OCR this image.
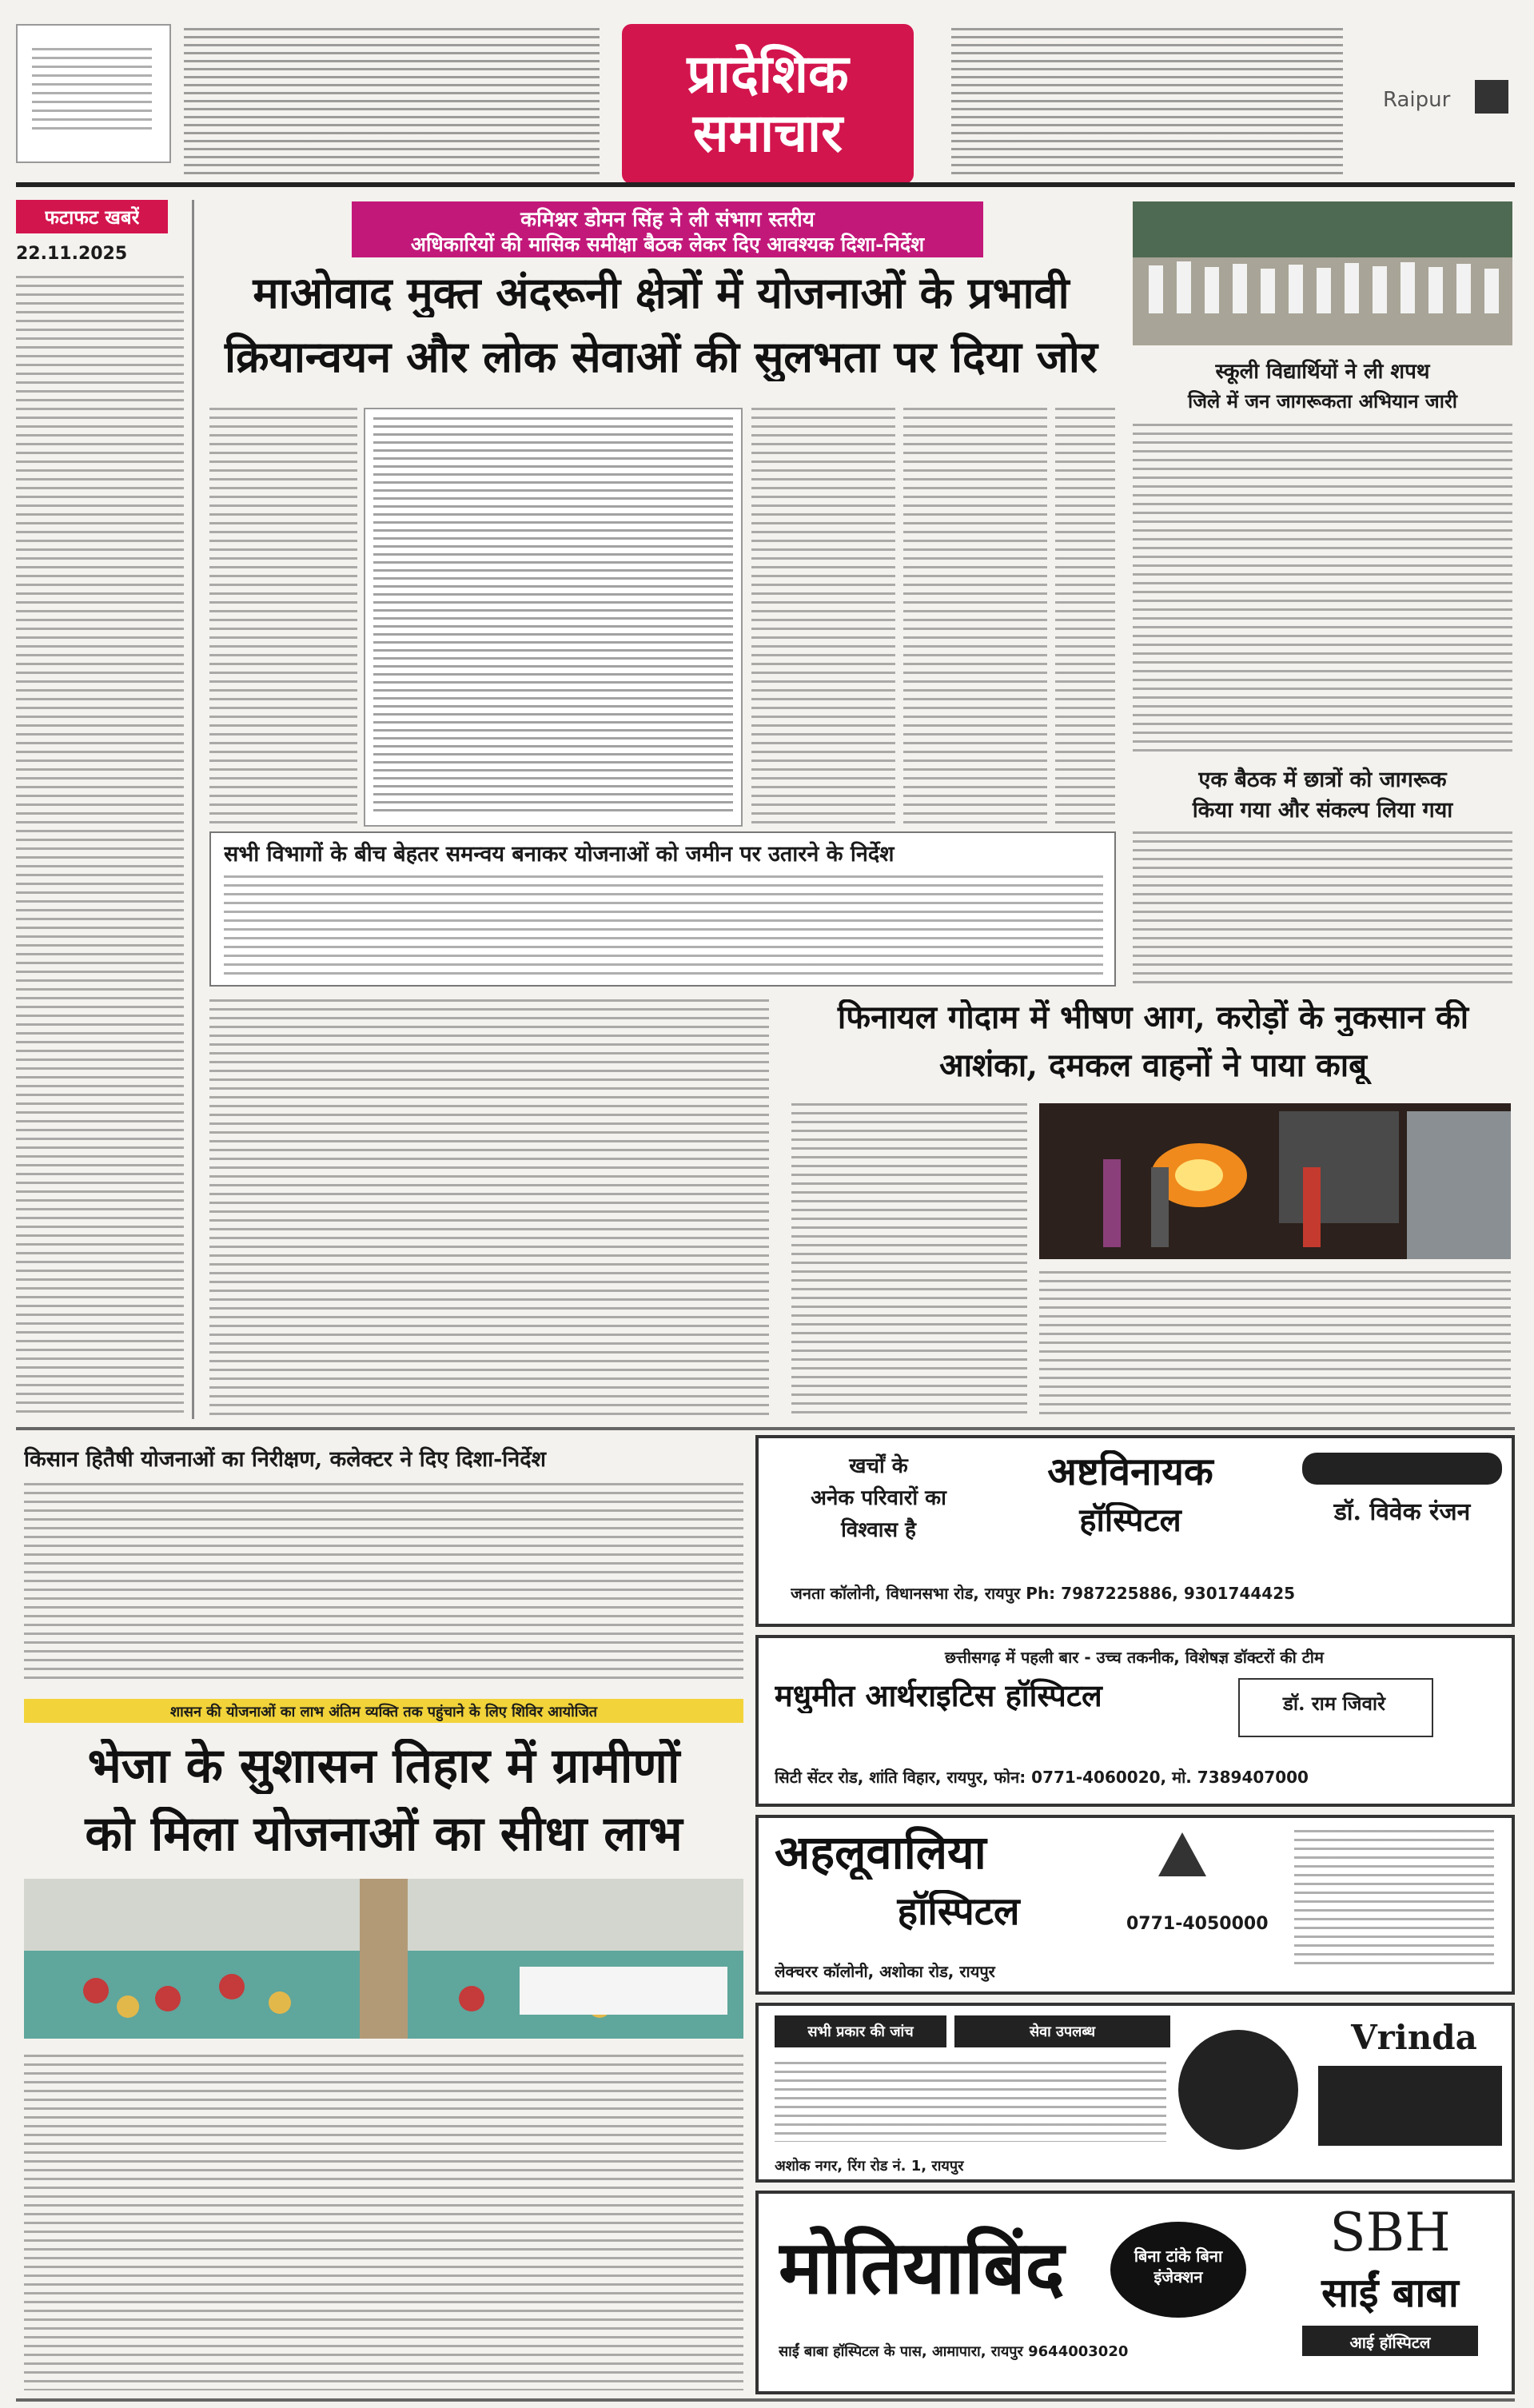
प्रादेशिक समाचार
Raipur
फटाफट खबरें
22.11.2025
कमिश्नर डोमन सिंह ने ली संभाग स्तरीय
अधिकारियों की मासिक समीक्षा बैठक लेकर दिए आवश्यक दिशा-निर्देश
माओवाद मुक्त अंदरूनी क्षेत्रों में योजनाओं के प्रभावी
क्रियान्वयन और लोक सेवाओं की सुलभता पर दिया जोर
सभी विभागों के बीच बेहतर समन्वय बनाकर योजनाओं को जमीन पर उतारने के निर्देश
स्कूली विद्यार्थियों ने ली शपथ
जिले में जन जागरूकता अभियान जारी
एक बैठक में छात्रों को जागरूक
किया गया और संकल्प लिया गया
फिनायल गोदाम में भीषण आग, करोड़ों के नुकसान की
आशंका, दमकल वाहनों ने पाया काबू
किसान हितैषी योजनाओं का निरीक्षण, कलेक्टर ने दिए दिशा-निर्देश
शासन की योजनाओं का लाभ अंतिम व्यक्ति तक पहुंचाने के लिए शिविर आयोजित
भेजा के सुशासन तिहार में ग्रामीणों
को मिला योजनाओं का सीधा लाभ
खर्चों के
अनेक परिवारों का
विश्वास है
अष्टविनायक
हॉस्पिटल	डॉ. विवेक रंजन
जनता कॉलोनी, विधानसभा रोड, रायपुर Ph: 7987225886, 9301744425
छत्तीसगढ़ में पहली बार - उच्च तकनीक, विशेषज्ञ डॉक्टरों की टीम
मधुमीत आर्थराइटिस हॉस्पिटल	डॉ. राम जिवारे
सिटी सेंटर रोड, शांति विहार, रायपुर, फोन: 0771-4060020, मो. 7389407000
अहलूवालिया
हॉस्पिटल	0771-4050000
लेक्चरर कॉलोनी, अशोका रोड, रायपुर
सभी प्रकार की जांच	सेवा उपलब्ध	Vrinda
अशोक नगर, रिंग रोड नं. 1, रायपुर
मोतियाबिंद	बिना टांके बिना इंजेक्शन
SBH
साईं बाबा
आई हॉस्पिटल
साईं बाबा हॉस्पिटल के पास, आमापारा, रायपुर 9644003020
